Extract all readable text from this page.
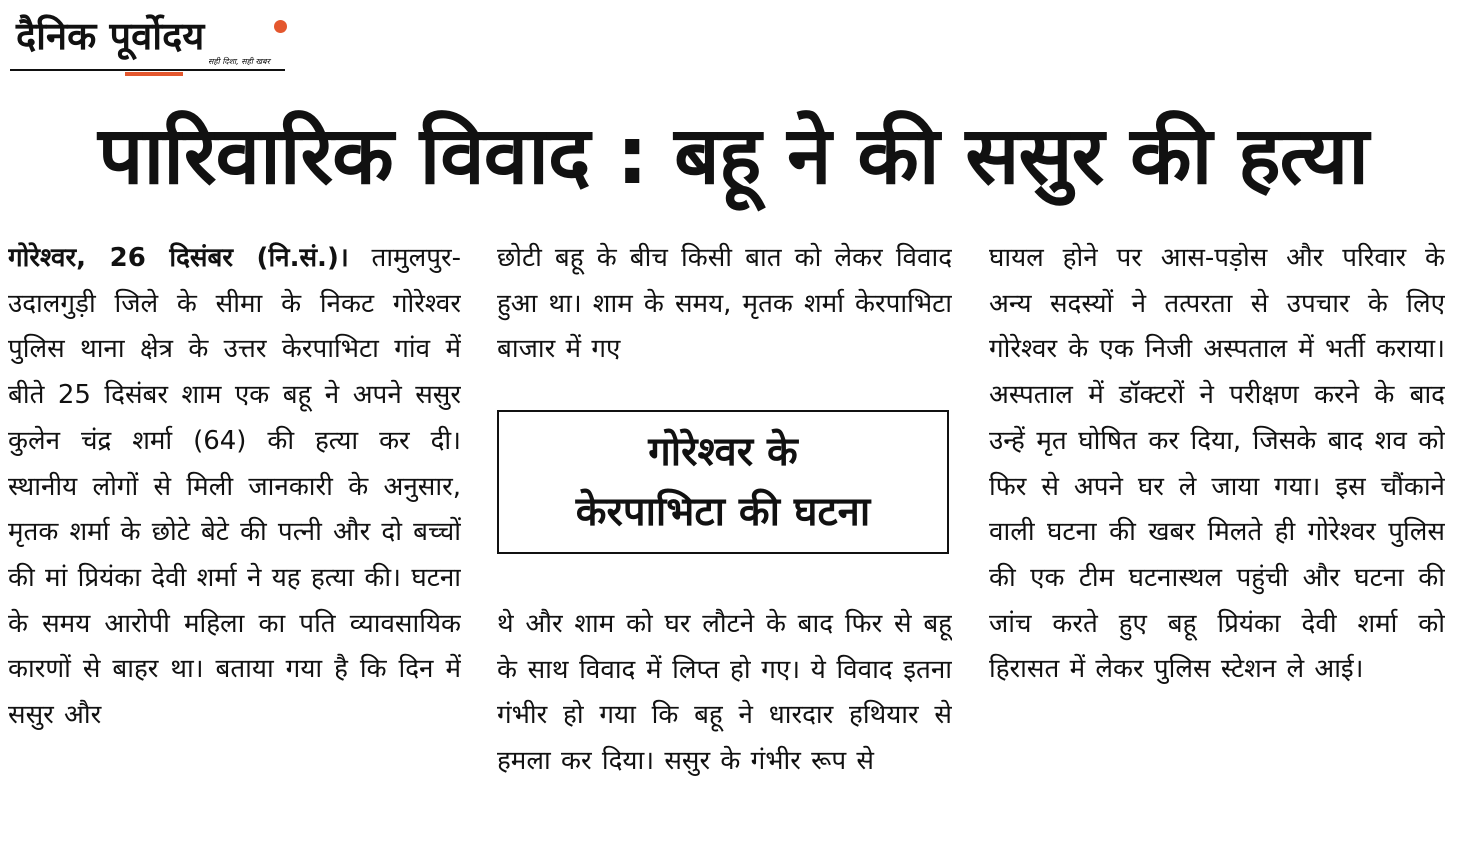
दैनिक पूर्वोदय
सही दिशा, सही खबर
पारिवारिक विवाद : बहू ने की ससुर की हत्या
गोरेश्वर, 26 दिसंबर (नि.सं.)। तामुलपुर-उदालगुड़ी जिले के सीमा के निकट गोरेश्वर पुलिस थाना क्षेत्र के उत्तर केरपाभिटा गांव में बीते 25 दिसंबर शाम एक बहू ने अपने ससुर कुलेन चंद्र शर्मा (64) की हत्या कर दी। स्थानीय लोगों से मिली जानकारी के अनुसार, मृतक शर्मा के छोटे बेटे की पत्नी और दो बच्चों की मां प्रियंका देवी शर्मा ने यह हत्या की। घटना के समय आरोपी महिला का पति व्यावसायिक कारणों से बाहर था। बताया गया है कि दिन में ससुर और
छोटी बहू के बीच किसी बात को लेकर विवाद हुआ था। शाम के समय, मृतक शर्मा केरपाभिटा बाजार में गए
गोरेश्वर के
केरपाभिटा की घटना
थे और शाम को घर लौटने के बाद फिर से बहू के साथ विवाद में लिप्त हो गए। ये विवाद इतना गंभीर हो गया कि बहू ने धारदार हथियार से हमला कर दिया। ससुर के गंभीर रूप से
घायल होने पर आस-पड़ोस और परिवार के अन्य सदस्यों ने तत्परता से उपचार के लिए गोरेश्वर के एक निजी अस्पताल में भर्ती कराया। अस्पताल में डॉक्टरों ने परीक्षण करने के बाद उन्हें मृत घोषित कर दिया, जिसके बाद शव को फिर से अपने घर ले जाया गया। इस चौंकाने वाली घटना की खबर मिलते ही गोरेश्वर पुलिस की एक टीम घटनास्थल पहुंची और घटना की जांच करते हुए बहू प्रियंका देवी शर्मा को हिरासत में लेकर पुलिस स्टेशन ले आई।
